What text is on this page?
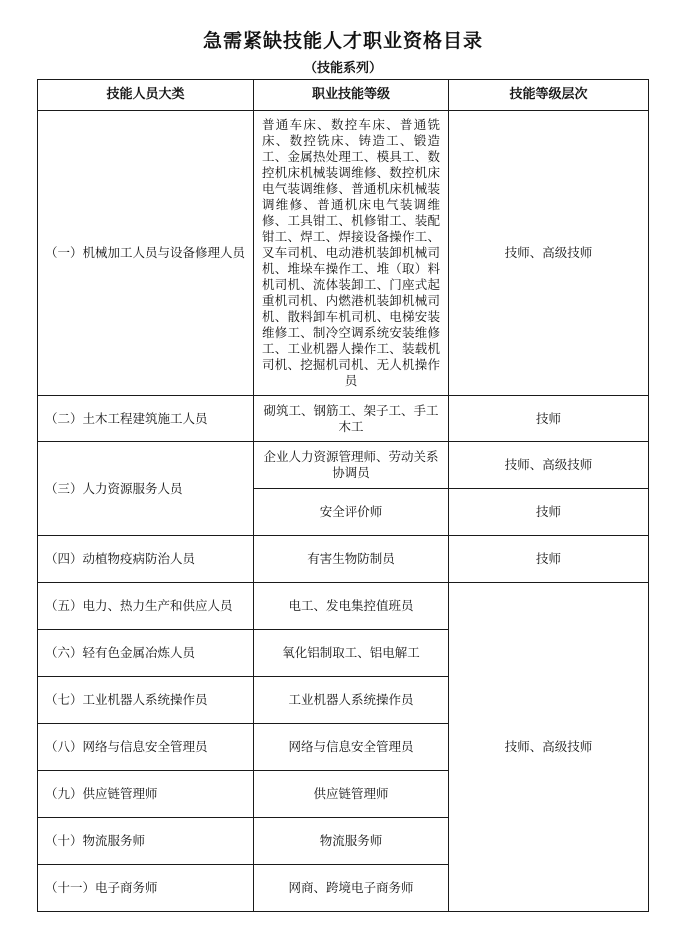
急需紧缺技能人才职业资格目录
（技能系列）
技能人员大类	职业技能等级	技能等级层次
（一）机械加工人员与设备修理人员	普通车床、数控车床、普通铣床、数控铣床、铸造工、锻造工、金属热处理工、模具工、数控机床机械装调维修、数控机床电气装调维修、普通机床机械装调维修、普通机床电气装调维修、工具钳工、机修钳工、装配钳工、焊工、焊接设备操作工、叉车司机、电动港机装卸机械司机、堆垛车操作工、堆（取）料机司机、流体装卸工、门座式起重机司机、内燃港机装卸机械司机、散料卸车机司机、电梯安装维修工、制冷空调系统安装维修工、工业机器人操作工、装载机司机、挖掘机司机、无人机操作员	技师、高级技师
（二）土木工程建筑施工人员	砌筑工、钢筋工、架子工、手工木工	技师
（三）人力资源服务人员	企业人力资源管理师、劳动关系协调员	技师、高级技师
	安全评价师	技师
（四）动植物疫病防治人员	有害生物防制员	技师
（五）电力、热力生产和供应人员	电工、发电集控值班员	技师、高级技师
（六）轻有色金属冶炼人员	氧化铝制取工、铝电解工	
（七）工业机器人系统操作员	工业机器人系统操作员	
（八）网络与信息安全管理员	网络与信息安全管理员	
（九）供应链管理师	供应链管理师	
（十）物流服务师	物流服务师	
（十一）电子商务师	网商、跨境电子商务师	
